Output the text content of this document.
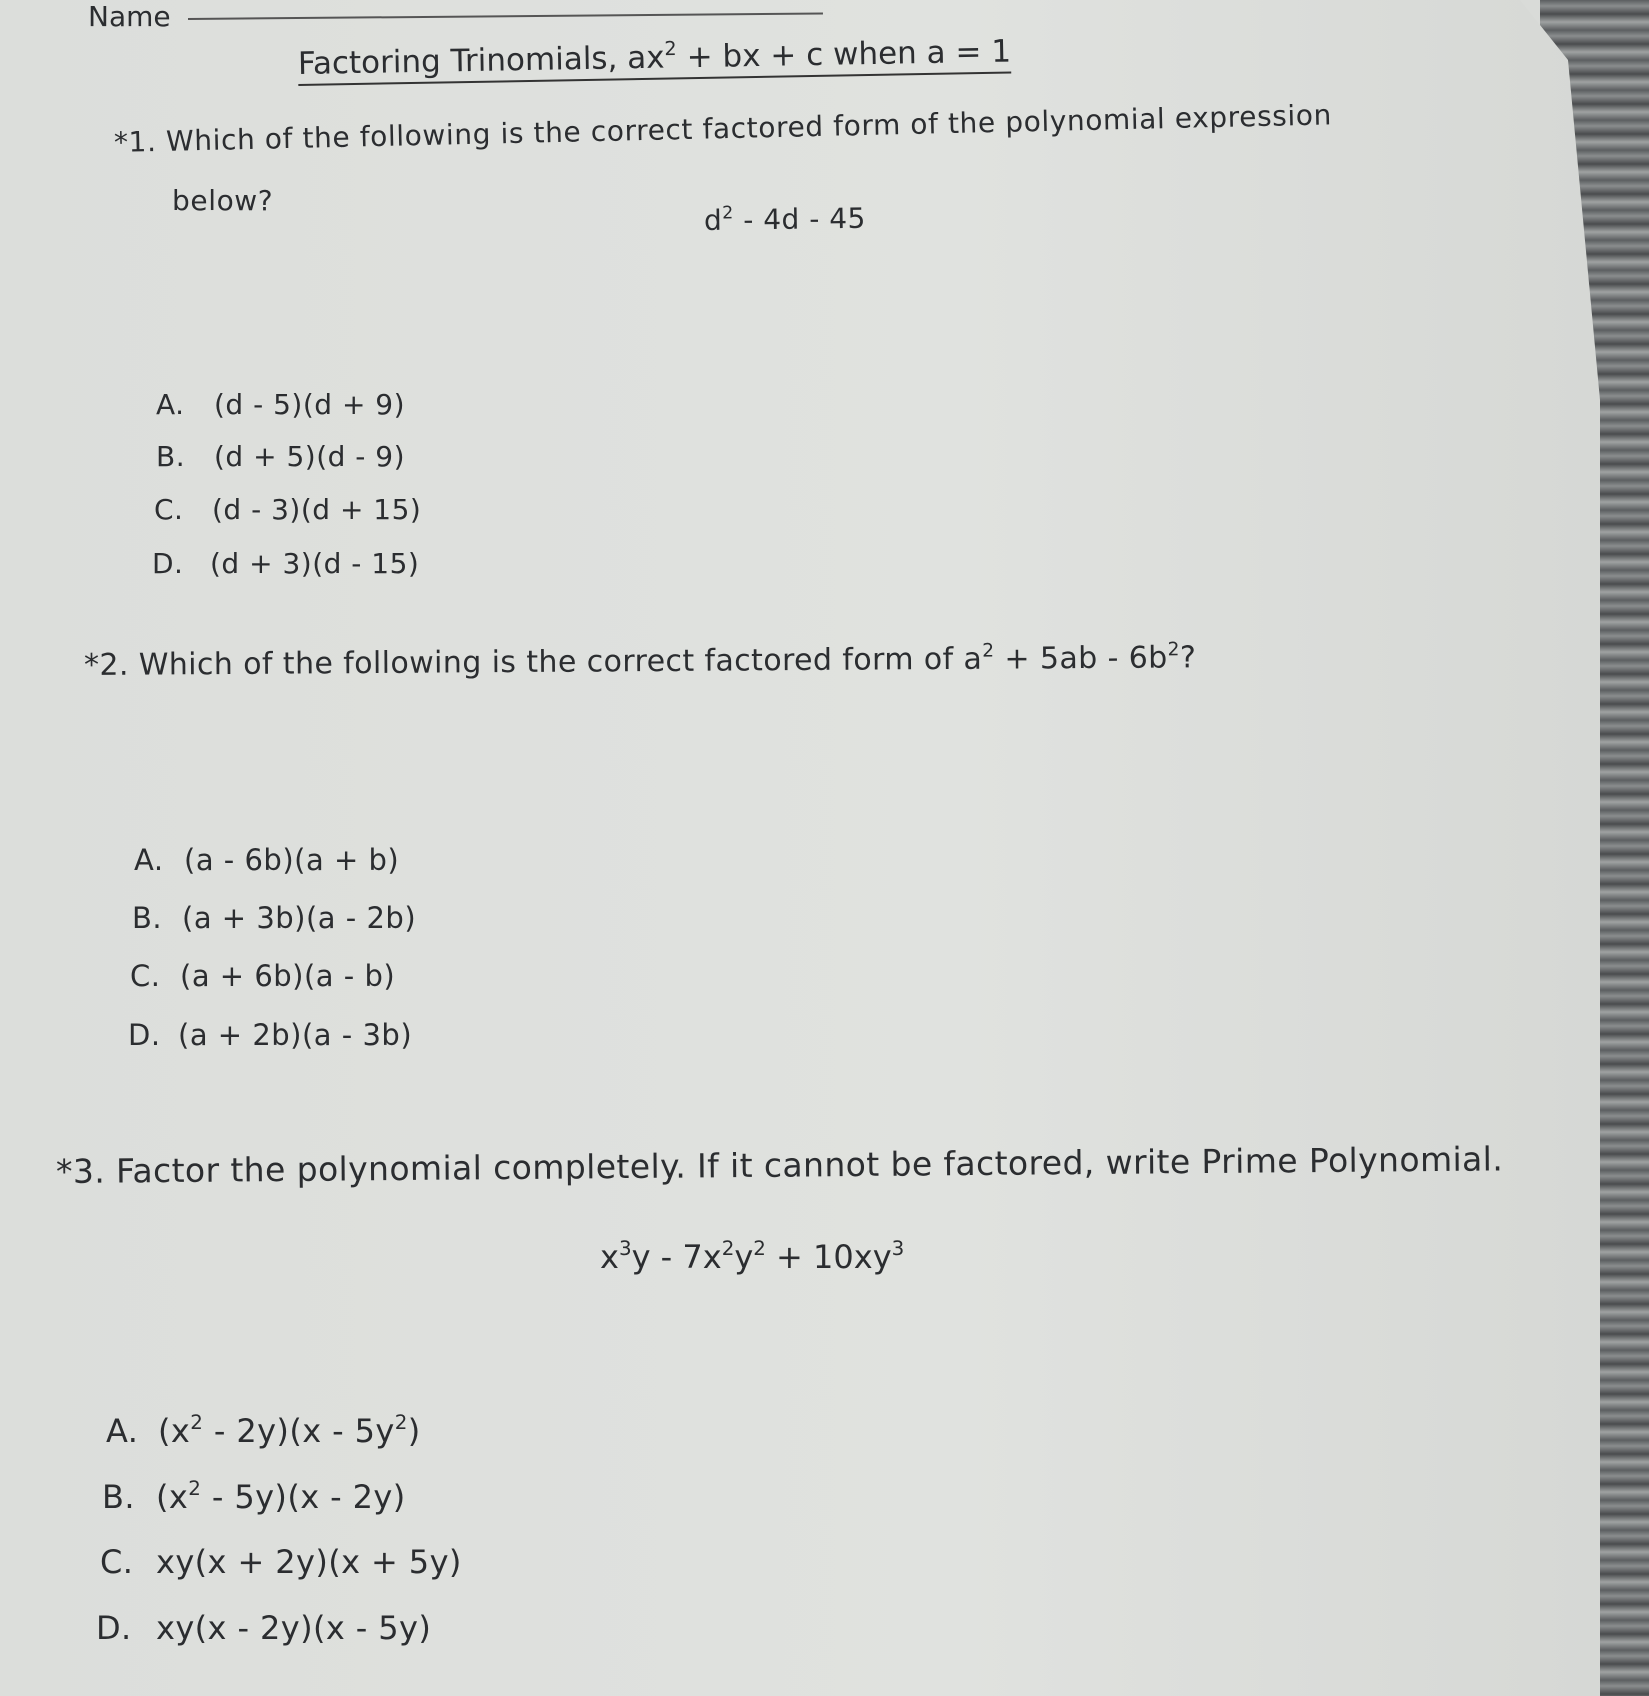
Name
Factoring Trinomials, $ax^2$ + bx + c when a = 1
*1. Which of the following is the correct factored form of the polynomial expression
below?
$d^2 - 4d - 45$
A. (d - 5)(d + 9)
B. (d + 5)(d - 9)
C. (d - 3)(d + 15)
D. (d + 3)(d - 15)
*2. Which of the following is the correct factored form of $a^2 + 5ab - 6b^2$?
A. (a - 6b)(a + b)
B. (a + 3b)(a - 2b)
C. (a + 6b)(a - b)
D. (a + 2b)(a - 3b)
*3. Factor the polynomial completely. If it cannot be factored, write Prime Polynomial.
$x^3y - 7x^2y^2 + 10xy^3$
A. $(x^2 - 2y)(x - 5y^2)$
B. $(x^2 - 5y)(x - 2y)$
C. xy(x + 2y)(x + 5y)
D. xy(x - 2y)(x - 5y)
